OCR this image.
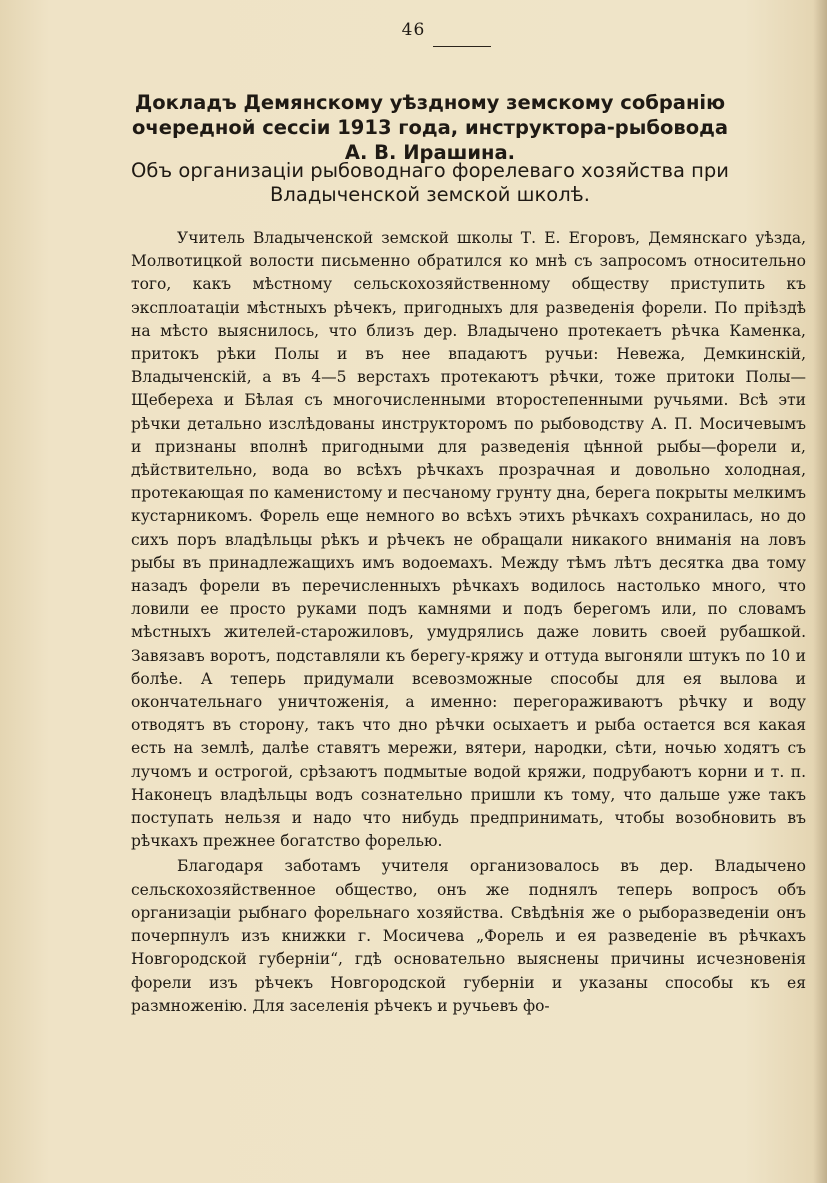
46
Докладъ Демянскому уѣздному земскому собранію очередной сессіи 1913 года, инструктора-рыбовода А. В. Ирашина.
Объ организаціи рыбоводнаго форелеваго хозяйства при Владыченской земской школѣ.

Учитель Владыченской земской школы Т. Е. Егоровъ, Демянскаго уѣзда, Молвотицкой волости письменно обратился ко мнѣ съ запросомъ относительно того, какъ мѣстному сельскохозяйственному обществу приступить къ эксплоатаціи мѣстныхъ рѣчекъ, пригодныхъ для разведенія форели. По пріѣздѣ на мѣсто выяснилось, что близъ дер. Владычено протекаетъ рѣчка Каменка, притокъ рѣки Полы и въ нее впадаютъ ручьи: Невежа, Демкинскій, Владыченскій, а въ 4—5 верстахъ протекаютъ рѣчки, тоже притоки Полы—Щебереха и Бѣлая съ многочисленными второстепенными ручьями. Всѣ эти рѣчки детально изслѣдованы инструкторомъ по рыбоводству А. П. Мосичевымъ и признаны вполнѣ пригодными для разведенія цѣнной рыбы—форели и, дѣйствительно, вода во всѣхъ рѣчкахъ прозрачная и довольно холодная, протекающая по каменистому и песчаному грунту дна, берега покрыты мелкимъ кустарникомъ. Форель еще немного во всѣхъ этихъ рѣчкахъ сохранилась, но до сихъ поръ владѣльцы рѣкъ и рѣчекъ не обращали никакого вниманія на ловъ рыбы въ принадлежащихъ имъ водоемахъ. Между тѣмъ лѣтъ десятка два тому назадъ форели въ перечисленныхъ рѣчкахъ водилось настолько много, что ловили ее просто руками подъ камнями и подъ берегомъ или, по словамъ мѣстныхъ жителей-старожиловъ, умудрялись даже ловить своей рубашкой. Завязавъ воротъ, подставляли къ берегу-кряжу и оттуда выгоняли штукъ по 10 и болѣе. А теперь придумали всевозможные способы для ея вылова и окончательнаго уничтоженія, а именно: перегораживаютъ рѣчку и воду отводятъ въ сторону, такъ что дно рѣчки осыхаетъ и рыба остается вся какая есть на землѣ, далѣе ставятъ мережи, вятери, народки, сѣти, ночью ходятъ съ лучомъ и острогой, срѣзаютъ подмытые водой кряжи, подрубаютъ корни и т. п. Наконецъ владѣльцы водъ сознательно пришли къ тому, что дальше уже такъ поступать нельзя и надо что нибудь предпринимать, чтобы возобновить въ рѣчкахъ прежнее богатство форелью.

Благодаря заботамъ учителя организовалось въ дер. Владычено сельскохозяйственное общество, онъ же поднялъ теперь вопросъ объ организаціи рыбнаго форельнаго хозяйства. Свѣдѣнія же о рыборазведеніи онъ почерпнулъ изъ книжки г. Мосичева „Форель и ея разведеніе въ рѣчкахъ Новгородской губерніи“, гдѣ основательно выяснены причины исчезновенія форели изъ рѣчекъ Новгородской губерніи и указаны способы къ ея размноженію. Для заселенія рѣчекъ и ручьевъ фо-
